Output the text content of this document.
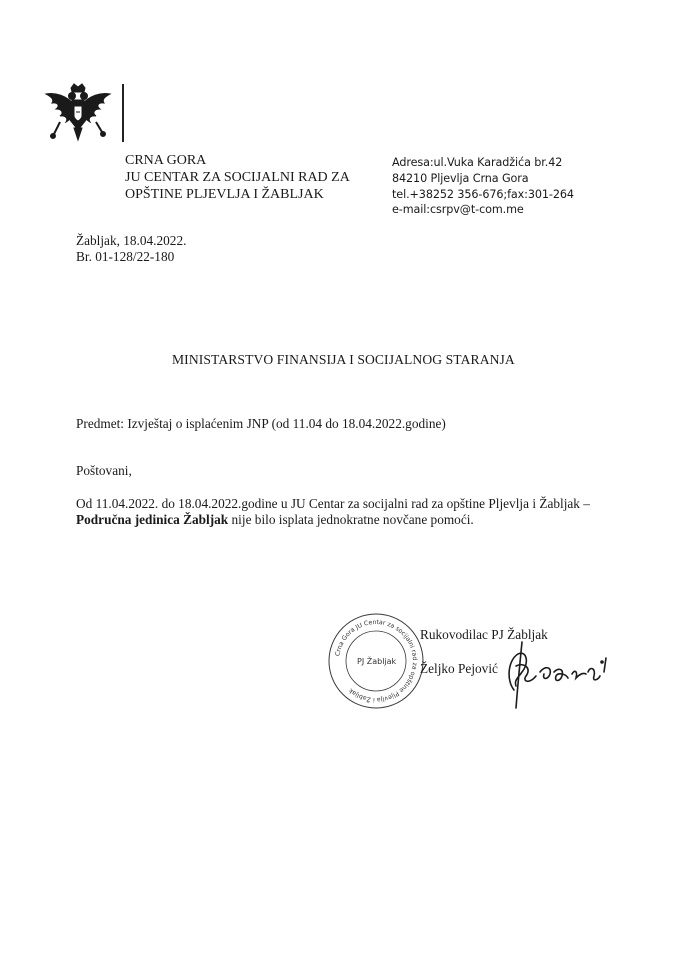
CRNA GORA
JU CENTAR ZA SOCIJALNI RAD ZA
OPŠTINE PLJEVLJA I ŽABLJAK
Adresa:ul.Vuka Karadžića br.42
84210 Pljevlja Crna Gora
tel.+38252 356-676;fax:301-264
e-mail:csrpv@t-com.me
Žabljak, 18.04.2022.
Br. 01-128/22-180
MINISTARSTVO FINANSIJA I SOCIJALNOG STARANJA
Predmet: Izvještaj o isplaćenim JNP (od 11.04 do 18.04.2022.godine)
Poštovani,
Od 11.04.2022. do 18.04.2022.godine u JU Centar za socijalni rad za opštine Pljevlja i Žabljak –
Područna jedinica Žabljak nije bilo isplata jednokratne novčane pomoći.
Crna Gora JU Centar za socijalni rad za opštine Pljevlja i Žabljak
PJ Žabljak
Rukovodilac PJ Žabljak
Željko Pejović
